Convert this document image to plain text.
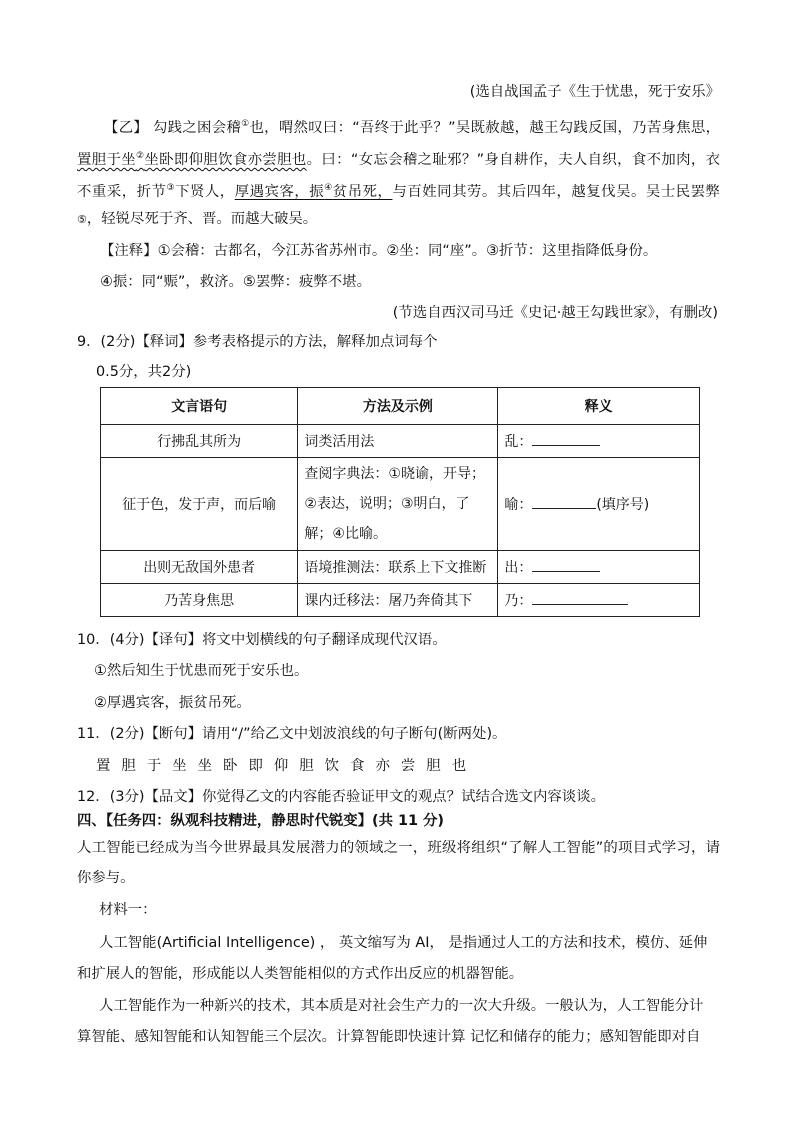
(选自战国孟子《生于忧患，死于安乐》
【乙】 勾践之困会稽①也，喟然叹曰：“吾终于此乎？”吴既赦越，越王勾践反国，乃苦身焦思，
置胆于坐②坐卧即仰胆饮食亦尝胆也。曰：“女忘会稽之耻邪？”身自耕作，夫人自织，食不加肉，衣
不重采，折节③下贤人，厚遇宾客，振④贫吊死，与百姓同其劳。其后四年，越复伐吴。吴士民罢弊
⑤，轻锐尽死于齐、晋。而越大破吴。
【注释】①会稽：古都名，今江苏省苏州市。②坐：同“座”。③折节：这里指降低身份。
④振：同“赈”，救济。⑤罢弊：疲弊不堪。
(节选自西汉司马迁《史记·越王勾践世家》，有删改)
9．(2分)【释词】参考表格提示的方法，解释加点词每个
0.5分，共2分)
文言语句	方法及示例	释义
行拂乱其所为	词类活用法	乱：
征于色，发于声，而后喻	查阅字典法：①晓谕，开导；
②表达，说明；③明白，了
解；④比喻。	喻： (填序号)
出则无敌国外患者	语境推测法：联系上下文推断	出：
乃苦身焦思	课内迁移法：屠乃奔倚其下	乃：
10．(4分)【译句】将文中划横线的句子翻译成现代汉语。
①然后知生于忧患而死于安乐也。
②厚遇宾客，振贫吊死。
11．(2分)【断句】请用“/”给乙文中划波浪线的句子断句(断两处)。
置 胆 于 坐 坐 卧 即 仰 胆 饮 食 亦 尝 胆 也
12．(3分)【品文】你觉得乙文的内容能否验证甲文的观点？试结合选文内容谈谈。
四、【任务四：纵观科技精进，静思时代锐变】(共 11 分)
人工智能已经成为当今世界最具发展潜力的领域之一，班级将组织“了解人工智能”的项目式学习，请
你参与。
材料一：
人工智能(Artificial Intelligence) ， 英文缩写为 AI， 是指通过人工的方法和技术，模仿、延伸
和扩展人的智能，形成能以人类智能相似的方式作出反应的机器智能。
人工智能作为一种新兴的技术，其本质是对社会生产力的一次大升级。一般认为，人工智能分计
算智能、感知智能和认知智能三个层次。计算智能即快速计算 记忆和储存的能力；感知智能即对自
